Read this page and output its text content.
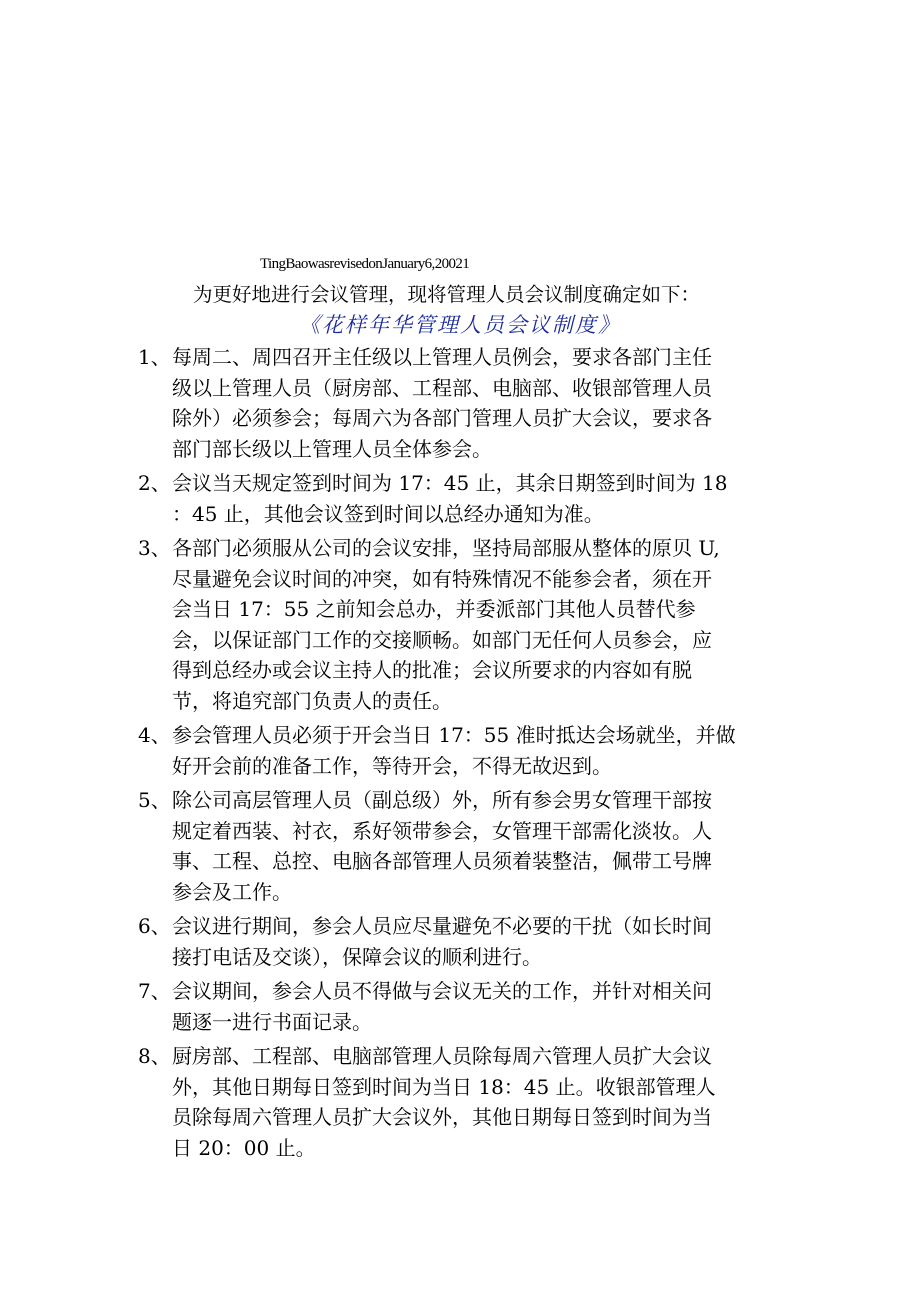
TingBaowasrevisedonJanuary6,20021
为更好地进行会议管理，现将管理人员会议制度确定如下：
《花样年华管理人员会议制度》
1、 每周二、周四召开主任级以上管理人员例会，要求各部门主任
级以上管理人员（厨房部、工程部、电脑部、收银部管理人员
除外）必须参会；每周六为各部门管理人员扩大会议，要求各
部门部长级以上管理人员全体参会。
2、 会议当天规定签到时间为 17：45 止，其余日期签到时间为 18
：45 止，其他会议签到时间以总经办通知为准。
3、 各部门必须服从公司的会议安排，坚持局部服从整体的原贝 U,
尽量避免会议时间的冲突，如有特殊情况不能参会者，须在开
会当日 17：55 之前知会总办，并委派部门其他人员替代参
会，以保证部门工作的交接顺畅。如部门无任何人员参会，应
得到总经办或会议主持人的批准；会议所要求的内容如有脱
节，将追究部门负责人的责任。
4、 参会管理人员必须于开会当日 17：55 准时抵达会场就坐，并做
好开会前的准备工作，等待开会，不得无故迟到。
5、 除公司高层管理人员（副总级）外，所有参会男女管理干部按
规定着西装、衬衣，系好领带参会，女管理干部需化淡妆。人
事、工程、总控、电脑各部管理人员须着装整洁，佩带工号牌
参会及工作。
6、 会议进行期间，参会人员应尽量避免不必要的干扰（如长时间
接打电话及交谈），保障会议的顺利进行。
7、 会议期间，参会人员不得做与会议无关的工作，并针对相关问
题逐一进行书面记录。
8、 厨房部、工程部、电脑部管理人员除每周六管理人员扩大会议
外，其他日期每日签到时间为当日 18：45 止。收银部管理人
员除每周六管理人员扩大会议外，其他日期每日签到时间为当
日 20：00 止。
